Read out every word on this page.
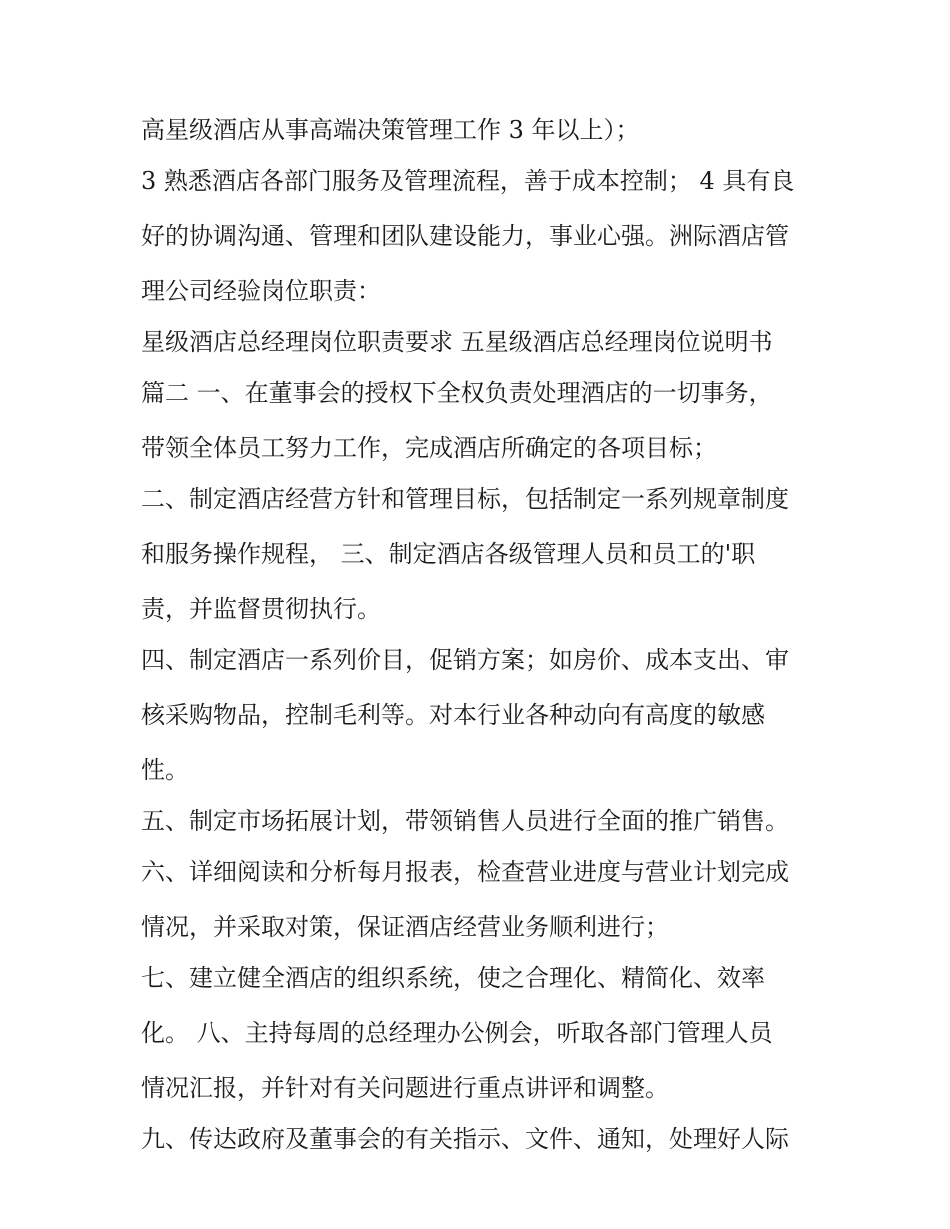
高星级酒店从事高端决策管理工作 3 年以上）；

3 熟悉酒店各部门服务及管理流程，善于成本控制； 4 具有良

好的协调沟通、管理和团队建设能力，事业心强。洲际酒店管

理公司经验岗位职责：

星级酒店总经理岗位职责要求 五星级酒店总经理岗位说明书

篇二 一、在董事会的授权下全权负责处理酒店的一切事务，

带领全体员工努力工作，完成酒店所确定的各项目标；

二、制定酒店经营方针和管理目标，包括制定一系列规章制度

和服务操作规程， 三、制定酒店各级管理人员和员工的'职

责，并监督贯彻执行。

四、制定酒店一系列价目，促销方案；如房价、成本支出、审

核采购物品，控制毛利等。对本行业各种动向有高度的敏感

性。

五、制定市场拓展计划，带领销售人员进行全面的推广销售。

六、详细阅读和分析每月报表，检查营业进度与营业计划完成

情况，并采取对策，保证酒店经营业务顺利进行；

七、建立健全酒店的组织系统，使之合理化、精简化、效率

化。 八、主持每周的总经理办公例会，听取各部门管理人员

情况汇报，并针对有关问题进行重点讲评和调整。

九、传达政府及董事会的有关指示、文件、通知，处理好人际
